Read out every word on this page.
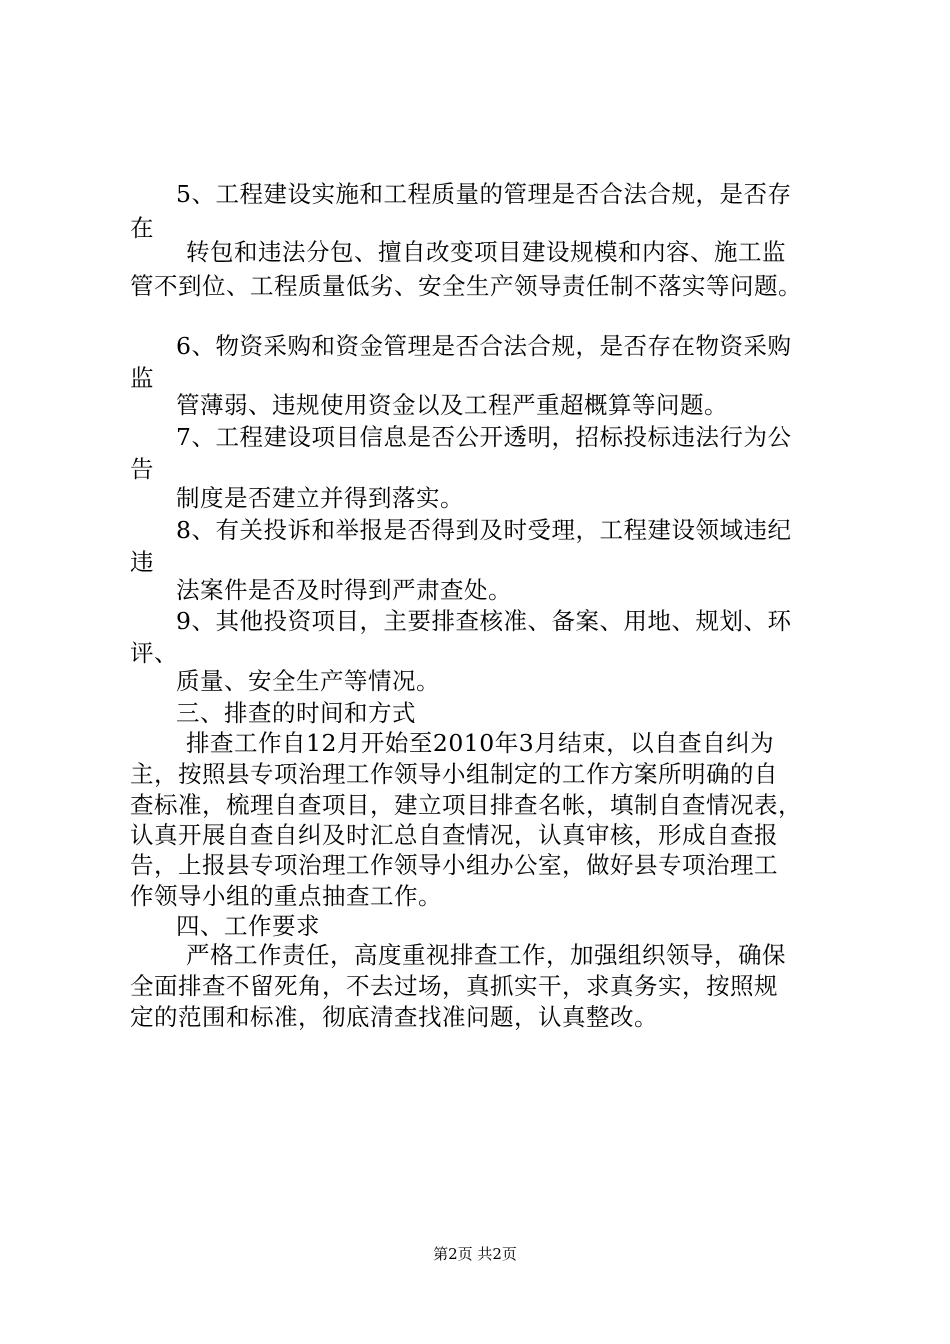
5、工程建设实施和工程质量的管理是否合法合规，是否存
在
转包和违法分包、擅自改变项目建设规模和内容、施工监
管不到位、工程质量低劣、安全生产领导责任制不落实等问题。
6、物资采购和资金管理是否合法合规，是否存在物资采购
监
管薄弱、违规使用资金以及工程严重超概算等问题。
7、工程建设项目信息是否公开透明，招标投标违法行为公
告
制度是否建立并得到落实。
8、有关投诉和举报是否得到及时受理，工程建设领域违纪
违
法案件是否及时得到严肃查处。
9、其他投资项目，主要排查核准、备案、用地、规划、环
评、
质量、安全生产等情况。
三、排查的时间和方式
排查工作自12月开始至2010年3月结束，以自查自纠为
主，按照县专项治理工作领导小组制定的工作方案所明确的自
查标准，梳理自查项目，建立项目排查名帐，填制自查情况表，
认真开展自查自纠及时汇总自查情况，认真审核，形成自查报
告，上报县专项治理工作领导小组办公室，做好县专项治理工
作领导小组的重点抽查工作。
四、工作要求
严格工作责任，高度重视排查工作，加强组织领导，确保
全面排查不留死角，不去过场，真抓实干，求真务实，按照规
定的范围和标准，彻底清查找准问题，认真整改。
第2页 共2页
